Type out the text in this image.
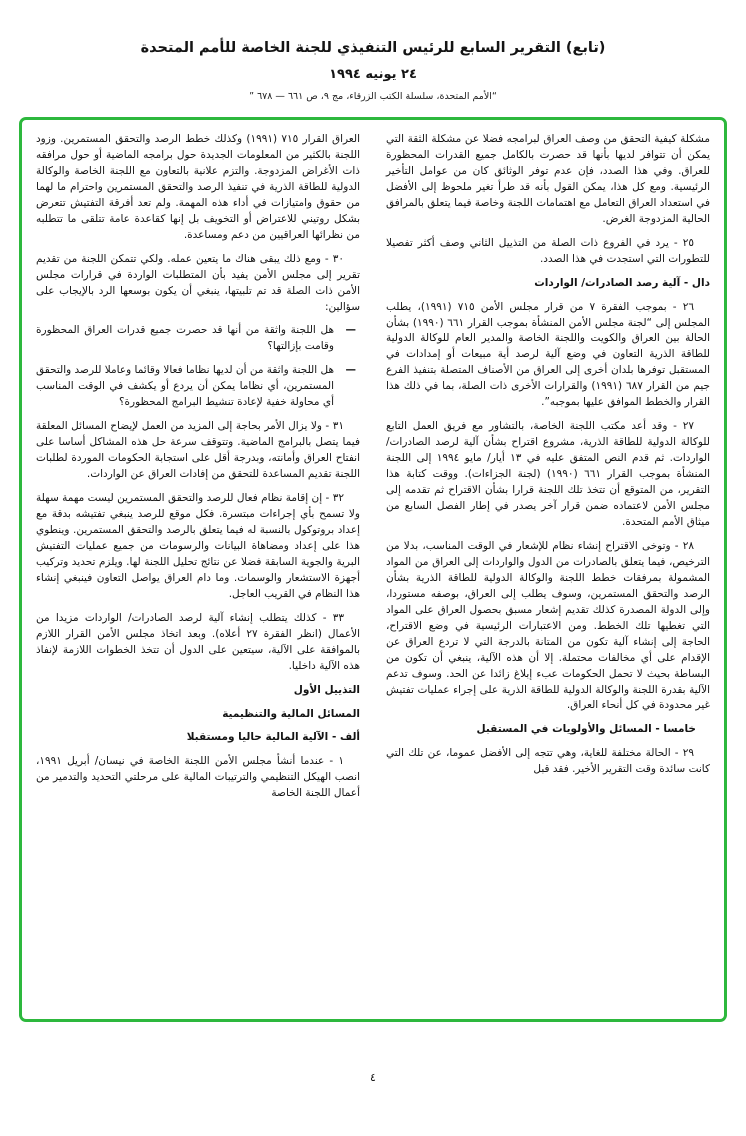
(تابع) التقرير السابع للرئيس التنفيذي للجنة الخاصة للأمم المتحدة
٢٤ يونيه ١٩٩٤
“الأمم المتحدة، سلسلة الكتب الزرقاء، مج ٩، ص ٦٦١ — ٦٧٨ ”

مشكلة كيفية التحقق من وصف العراق لبرامجه فضلا عن مشكلة الثقة التي يمكن أن تتوافر لديها بأنها قد حصرت بالكامل جميع القدرات المحظورة للعراق. وفي هذا الصدد، فإن عدم توفر الوثائق كان من عوامل التأخير الرئيسية. ومع كل هذا، يمكن القول بأنه قد طرأ تغير ملحوظ إلى الأفضل في استعداد العراق التعامل مع اهتمامات اللجنة وخاصة فيما يتعلق بالمرافق الحالية المزدوجة الغرض.

٢٥ - يرد في الفروع ذات الصلة من التذييل الثاني وصف أكثر تفصيلا للتطورات التي استجدت في هذا الصدد.

دال - آلية رصد الصادرات/ الواردات

٢٦ - بموجب الفقرة ٧ من قرار مجلس الأمن ٧١٥ (١٩٩١)، يطلب المجلس إلى “لجنة مجلس الأمن المنشأة بموجب القرار ٦٦١ (١٩٩٠) بشأن الحالة بين العراق والكويت واللجنة الخاصة والمدير العام للوكالة الدولية للطاقة الذرية التعاون في وضع آلية لرصد أية مبيعات أو إمدادات في المستقبل توفرها بلدان أخرى إلى العراق من الأصناف المتصلة بتنفيذ الفرع جيم من القرار ٦٨٧ (١٩٩١) والقرارات الأخرى ذات الصلة، بما في ذلك هذا القرار والخطط الموافق عليها بموجبه”.

٢٧ - وقد أعد مكتب اللجنة الخاصة، بالتشاور مع فريق العمل التابع للوكالة الدولية للطاقة الذرية، مشروع اقتراح بشأن آلية لرصد الصادرات/الواردات. ثم قدم النص المتفق عليه في ١٣ أيار/ مايو ١٩٩٤ إلى اللجنة المنشأة بموجب القرار ٦٦١ (١٩٩٠) (لجنة الجزاءات). ووقت كتابة هذا التقرير، من المتوقع أن تتخذ تلك اللجنة قرارا بشأن الاقتراح ثم تقدمه إلى مجلس الأمن لاعتماده ضمن قرار آخر يصدر في إطار الفصل السابع من ميثاق الأمم المتحدة.

٢٨ - وتوخى الاقتراح إنشاء نظام للإشعار في الوقت المناسب، بدلا من الترخيص، فيما يتعلق بالصادرات من الدول والواردات إلى العراق من المواد المشمولة بمرفقات خطط اللجنة والوكالة الدولية للطاقة الذرية بشأن الرصد والتحقق المستمرين، وسوف يطلب إلى العراق، بوصفه مستوردا، وإلى الدولة المصدرة كذلك تقديم إشعار مسبق بحصول العراق على المواد التي تغطيها تلك الخطط. ومن الاعتبارات الرئيسية في وضع الاقتراح، الحاجة إلى إنشاء آلية تكون من المتانة بالدرجة التي لا تردع العراق عن الإقدام على أي مخالفات محتملة. إلا أن هذه الآلية، ينبغي أن تكون من البساطة بحيث لا تحمل الحكومات عبء إبلاغ زائدا عن الحد. وسوف تدعم الآلية بقدرة اللجنة والوكالة الدولية للطاقة الذرية على إجراء عمليات تفتيش غير محدودة في كل أنحاء العراق.

خامسا - المسائل والأولويات في المستقبل

٢٩ - الحالة مختلفة للغاية، وهي تتجه إلى الأفضل عموما، عن تلك التي كانت سائدة وقت التقرير الأخير. فقد قبل

العراق القرار ٧١٥ (١٩٩١) وكذلك خطط الرصد والتحقق المستمرين. وزود اللجنة بالكثير من المعلومات الجديدة حول برامجه الماضية أو حول مرافقه ذات الأغراض المزدوجة. والتزم علانية بالتعاون مع اللجنة الخاصة والوكالة الدولية للطاقة الذرية في تنفيذ الرصد والتحقق المستمرين واحترام ما لهما من حقوق وامتيازات في أداء هذه المهمة. ولم تعد أفرقة التفتيش تتعرض بشكل روتيني للاعتراض أو التخويف بل إنها كقاعدة عامة تتلقى ما تتطلبه من نظرائها العراقيين من دعم ومساعدة.

٣٠ - ومع ذلك يبقى هناك ما يتعين عمله. ولكي تتمكن اللجنة من تقديم تقرير إلى مجلس الأمن يفيد بأن المتطلبات الواردة في قرارات مجلس الأمن ذات الصلة قد تم تلبيتها، ينبغي أن يكون بوسعها الرد بالإيجاب على سؤالين:

—
هل اللجنة واثقة من أنها قد حصرت جميع قدرات العراق المحظورة وقامت بإزالتها؟
—
هل اللجنة واثقة من أن لديها نظاما فعالا وقائما وعاملا للرصد والتحقق المستمرين، أي نظاما يمكن أن يردع أو يكشف في الوقت المناسب أي محاولة خفية لإعادة تنشيط البرامج المحظورة؟

٣١ - ولا يزال الأمر بحاجة إلى المزيد من العمل لإيضاح المسائل المعلقة فيما يتصل بالبرامج الماضية. وتتوقف سرعة حل هذه المشاكل أساسا على انفتاح العراق وأمانته، وبدرجة أقل على استجابة الحكومات الموردة لطلبات اللجنة تقديم المساعدة للتحقق من إفادات العراق عن الواردات.

٣٢ - إن إقامة نظام فعال للرصد والتحقق المستمرين ليست مهمة سهلة ولا تسمح بأي إجراءات مبتسرة. فكل موقع للرصد ينبغي تفتيشه بدقة مع إعداد بروتوكول بالنسبة له فيما يتعلق بالرصد والتحقق المستمرين. وينطوي هذا على إعداد ومضاهاة البيانات والرسومات من جميع عمليات التفتيش البرية والجوية السابقة فضلا عن نتائج تحليل اللجنة لها. ويلزم تحديد وتركيب أجهزة الاستشعار والوسمات. وما دام العراق يواصل التعاون فينبغي إنشاء هذا النظام في القريب العاجل.

٣٣ - كذلك يتطلب إنشاء آلية لرصد الصادرات/ الواردات مزيدا من الأعمال (انظر الفقرة ٢٧ أعلاه). وبعد اتخاذ مجلس الأمن القرار اللازم بالموافقة على الآلية، سيتعين على الدول أن تتخذ الخطوات اللازمة لإنفاذ هذه الآلية داخليا.

التذييل الأول

المسائل المالية والتنظيمية

ألف - الآلية المالية حاليا ومستقبلا

١ - عندما أنشأ مجلس الأمن اللجنة الخاصة في نيسان/ أبريل ١٩٩١، انصب الهيكل التنظيمي والترتيبات المالية على مرحلتي التحديد والتدمير من أعمال اللجنة الخاصة

٤
